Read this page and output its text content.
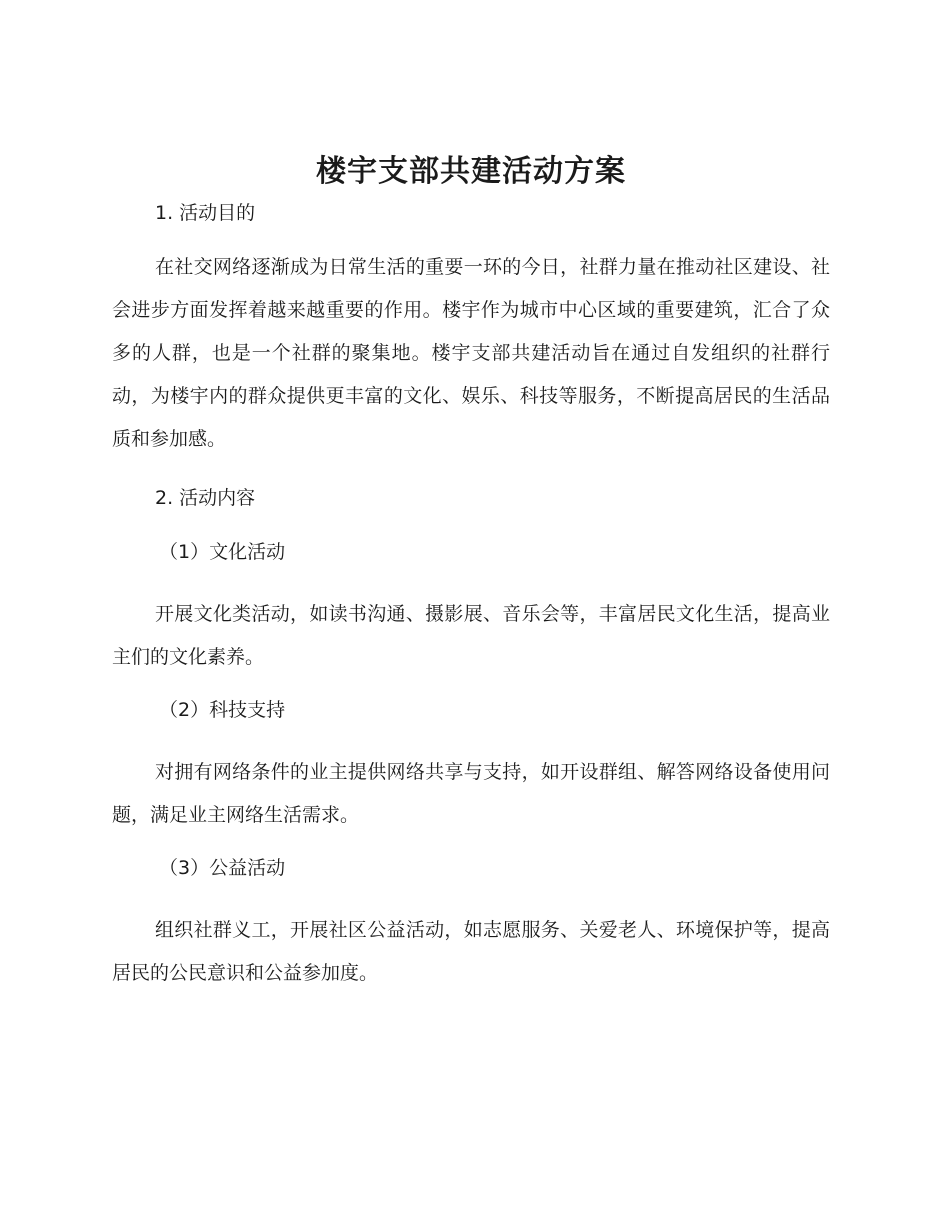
楼宇支部共建活动方案

1. 活动目的

在社交网络逐渐成为日常生活的重要一环的今日，社群力量在推动社区建设、社会进步方面发挥着越来越重要的作用。楼宇作为城市中心区域的重要建筑，汇合了众多的人群，也是一个社群的聚集地。楼宇支部共建活动旨在通过自发组织的社群行动，为楼宇内的群众提供更丰富的文化、娱乐、科技等服务，不断提高居民的生活品质和参加感。

2. 活动内容

（1）文化活动

开展文化类活动，如读书沟通、摄影展、音乐会等，丰富居民文化生活，提高业主们的文化素养。

（2）科技支持

对拥有网络条件的业主提供网络共享与支持，如开设群组、解答网络设备使用问题，满足业主网络生活需求。

（3）公益活动

组织社群义工，开展社区公益活动，如志愿服务、关爱老人、环境保护等，提高居民的公民意识和公益参加度。
